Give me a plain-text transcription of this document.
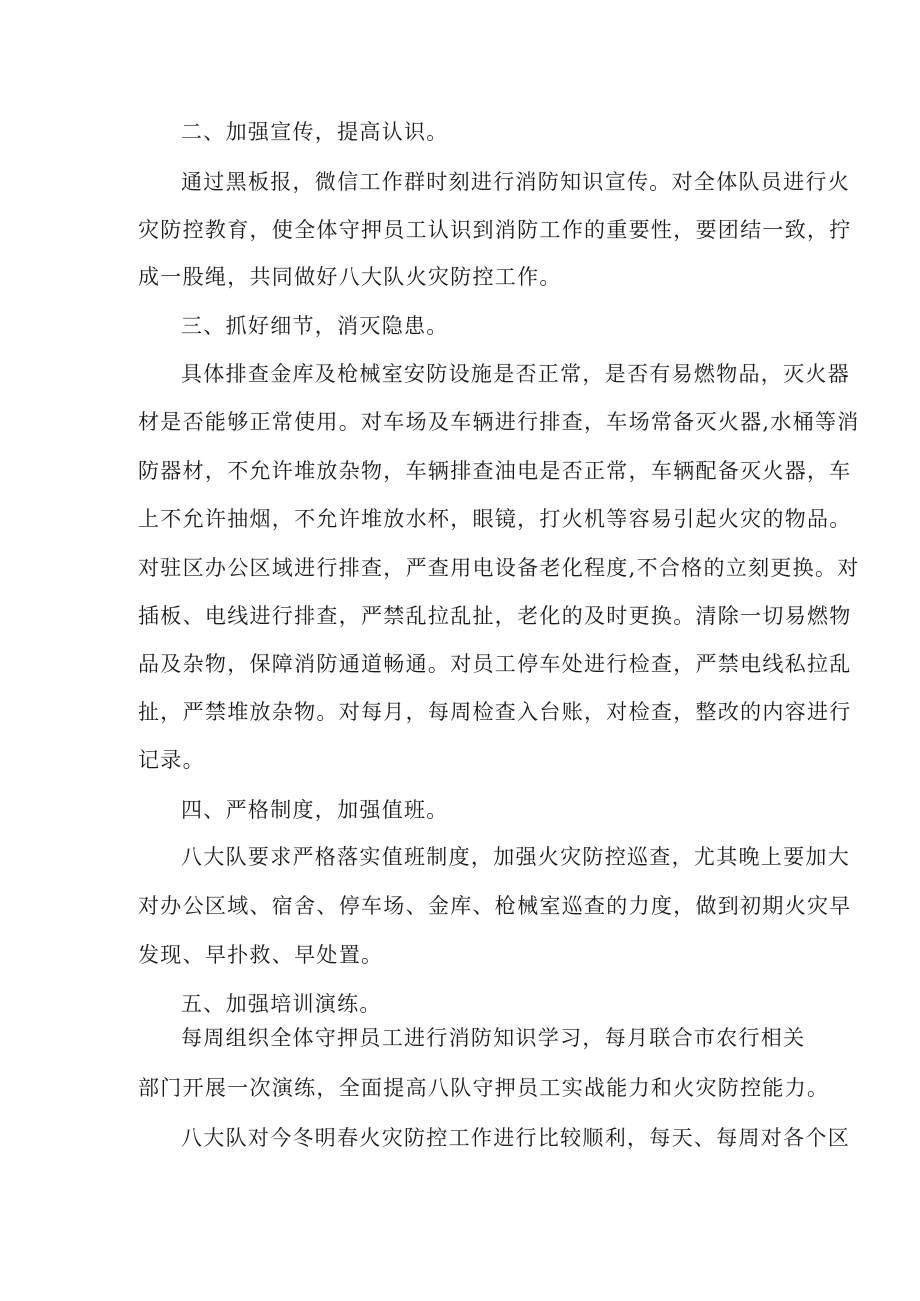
二、加强宣传，提高认识。
通过黑板报，微信工作群时刻进行消防知识宣传。对全体队员进行火
灾防控教育，使全体守押员工认识到消防工作的重要性，要团结一致，拧
成一股绳，共同做好八大队火灾防控工作。
三、抓好细节，消灭隐患。
具体排查金库及枪械室安防设施是否正常，是否有易燃物品，灭火器
材是否能够正常使用。对车场及车辆进行排查，车场常备灭火器,水桶等消
防器材，不允许堆放杂物，车辆排查油电是否正常，车辆配备灭火器，车
上不允许抽烟，不允许堆放水杯，眼镜，打火机等容易引起火灾的物品。
对驻区办公区域进行排查，严查用电设备老化程度,不合格的立刻更换。对
插板、电线进行排查，严禁乱拉乱扯，老化的及时更换。清除一切易燃物
品及杂物，保障消防通道畅通。对员工停车处进行检查，严禁电线私拉乱
扯，严禁堆放杂物。对每月，每周检查入台账，对检查，整改的内容进行
记录。
四、严格制度，加强值班。
八大队要求严格落实值班制度，加强火灾防控巡查，尤其晚上要加大
对办公区域、宿舍、停车场、金库、枪械室巡查的力度，做到初期火灾早
发现、早扑救、早处置。
五、加强培训演练。
每周组织全体守押员工进行消防知识学习，每月联合市农行相关
部门开展一次演练，全面提高八队守押员工实战能力和火灾防控能力。
八大队对今冬明春火灾防控工作进行比较顺利，每天、每周对各个区
